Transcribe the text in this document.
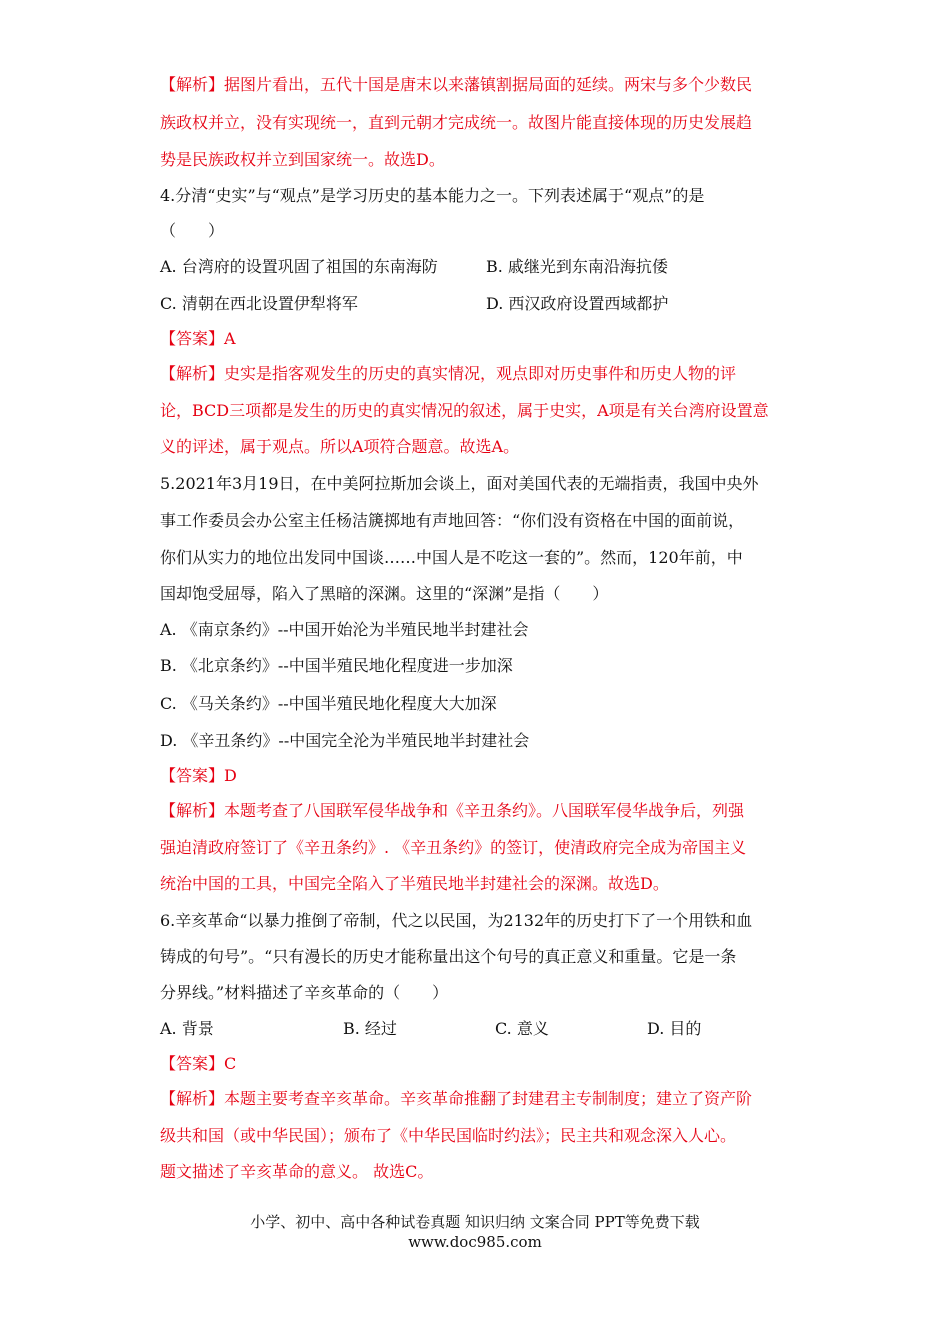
【解析】据图片看出，五代十国是唐末以来藩镇割据局面的延续。两宋与多个少数民
族政权并立，没有实现统一，直到元朝才完成统一。故图片能直接体现的历史发展趋
势是民族政权并立到国家统一。故选D。
4.分清“史实”与“观点”是学习历史的基本能力之一。下列表述属于“观点”的是
（　　）
A. 台湾府的设置巩固了祖国的东南海防	B. 戚继光到东南沿海抗倭
C. 清朝在西北设置伊犁将军	D. 西汉政府设置西域都护
【答案】A
【解析】史实是指客观发生的历史的真实情况，观点即对历史事件和历史人物的评
论，BCD三项都是发生的历史的真实情况的叙述，属于史实，A项是有关台湾府设置意
义的评述，属于观点。所以A项符合题意。故选A。
5.2021年3月19日，在中美阿拉斯加会谈上，面对美国代表的无端指责，我国中央外
事工作委员会办公室主任杨洁篪掷地有声地回答：“你们没有资格在中国的面前说，
你们从实力的地位出发同中国谈……中国人是不吃这一套的”。然而，120年前，中
国却饱受屈辱，陷入了黑暗的深渊。这里的“深渊”是指（　　）
A. 《南京条约》--中国开始沦为半殖民地半封建社会
B. 《北京条约》--中国半殖民地化程度进一步加深
C. 《马关条约》--中国半殖民地化程度大大加深
D. 《辛丑条约》--中国完全沦为半殖民地半封建社会
【答案】D
【解析】本题考查了八国联军侵华战争和《辛丑条约》。八国联军侵华战争后，列强
强迫清政府签订了《辛丑条约》. 《辛丑条约》的签订，使清政府完全成为帝国主义
统治中国的工具，中国完全陷入了半殖民地半封建社会的深渊。故选D。
6.辛亥革命“以暴力推倒了帝制，代之以民国，为2132年的历史打下了一个用铁和血
铸成的句号”。“只有漫长的历史才能称量出这个句号的真正意义和重量。它是一条
分界线。”材料描述了辛亥革命的（　　）
A. 背景	B. 经过	C. 意义	D. 目的
【答案】C
【解析】本题主要考查辛亥革命。辛亥革命推翻了封建君主专制制度；建立了资产阶
级共和国（或中华民国）；颁布了《中华民国临时约法》；民主共和观念深入人心。
题文描述了辛亥革命的意义。 故选C。
小学、初中、高中各种试卷真题 知识归纳 文案合同 PPT等免费下载
www.doc985.com
